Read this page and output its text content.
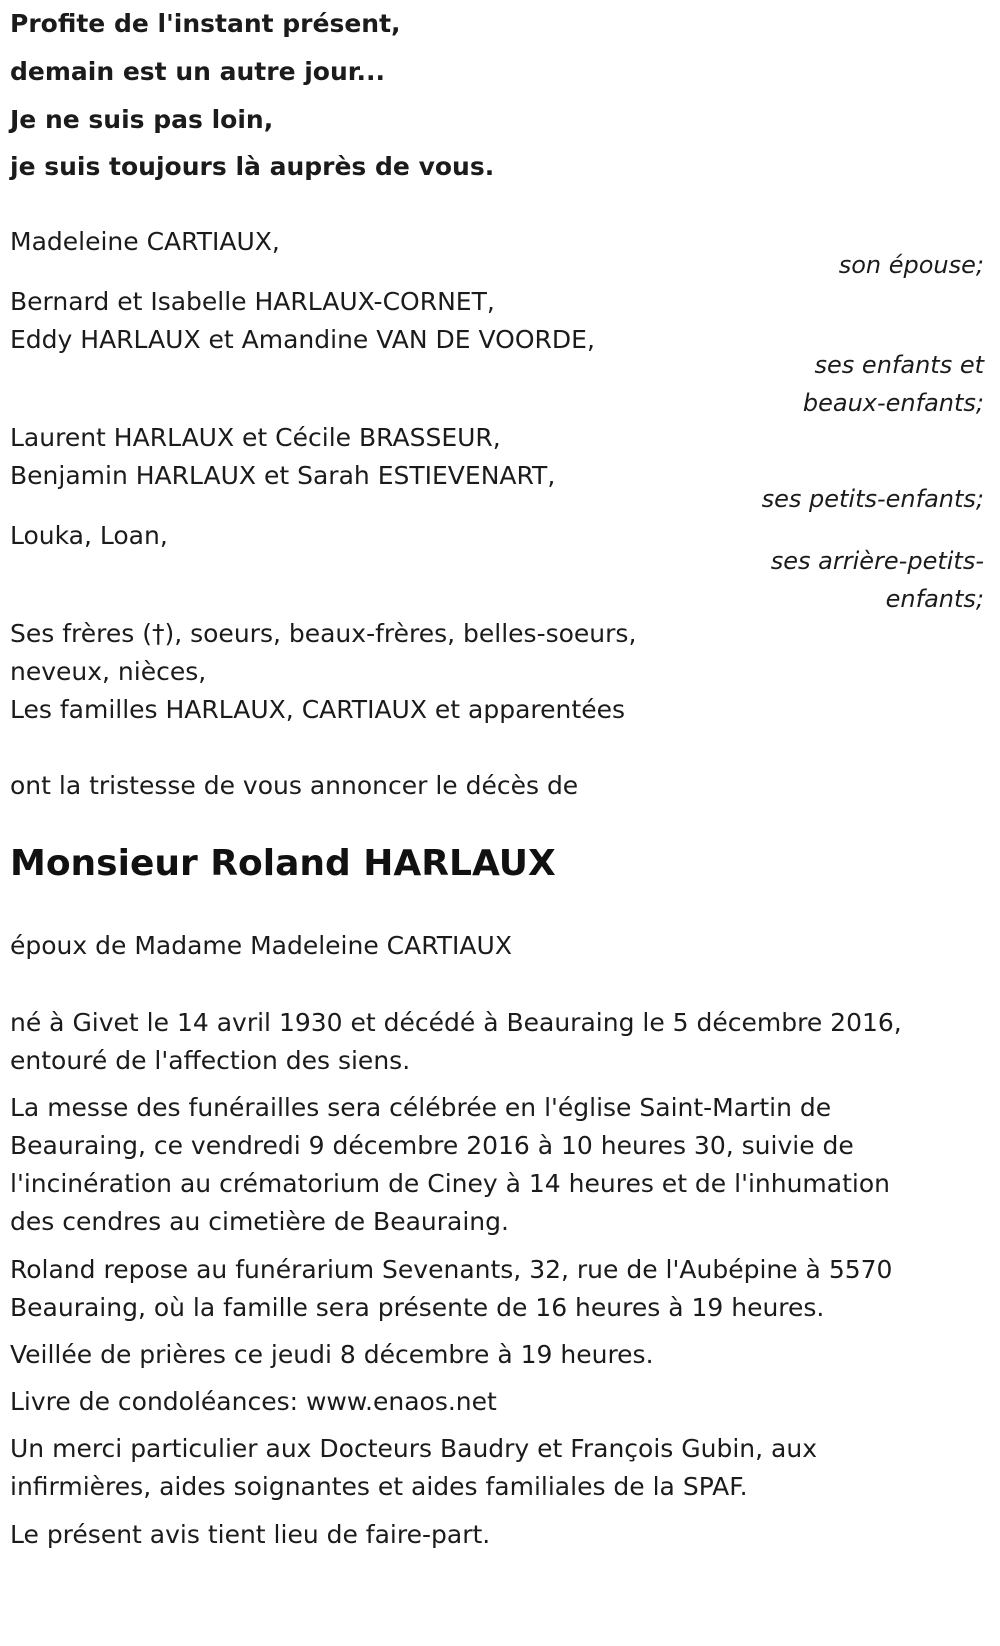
Profite de l'instant présent,
demain est un autre jour...
Je ne suis pas loin,
je suis toujours là auprès de vous.
Madeleine CARTIAUX,
son épouse;
Bernard et Isabelle HARLAUX-CORNET,
Eddy HARLAUX et Amandine VAN DE VOORDE,
ses enfants et
beaux-enfants;
Laurent HARLAUX et Cécile BRASSEUR,
Benjamin HARLAUX et Sarah ESTIEVENART,
ses petits-enfants;
Louka, Loan,
ses arrière-petits-
enfants;
Ses frères (†), soeurs, beaux-frères, belles-soeurs,
neveux, nièces,
Les familles HARLAUX, CARTIAUX et apparentées
ont la tristesse de vous annoncer le décès de
Monsieur Roland HARLAUX
époux de Madame Madeleine CARTIAUX
né à Givet le 14 avril 1930 et décédé à Beauraing le 5 décembre 2016,
entouré de l'affection des siens.
La messe des funérailles sera célébrée en l'église Saint-Martin de
Beauraing, ce vendredi 9 décembre 2016 à 10 heures 30, suivie de
l'incinération au crématorium de Ciney à 14 heures et de l'inhumation
des cendres au cimetière de Beauraing.
Roland repose au funérarium Sevenants, 32, rue de l'Aubépine à 5570
Beauraing, où la famille sera présente de 16 heures à 19 heures.
Veillée de prières ce jeudi 8 décembre à 19 heures.
Livre de condoléances: www.enaos.net
Un merci particulier aux Docteurs Baudry et François Gubin, aux
infirmières, aides soignantes et aides familiales de la SPAF.
Le présent avis tient lieu de faire-part.
